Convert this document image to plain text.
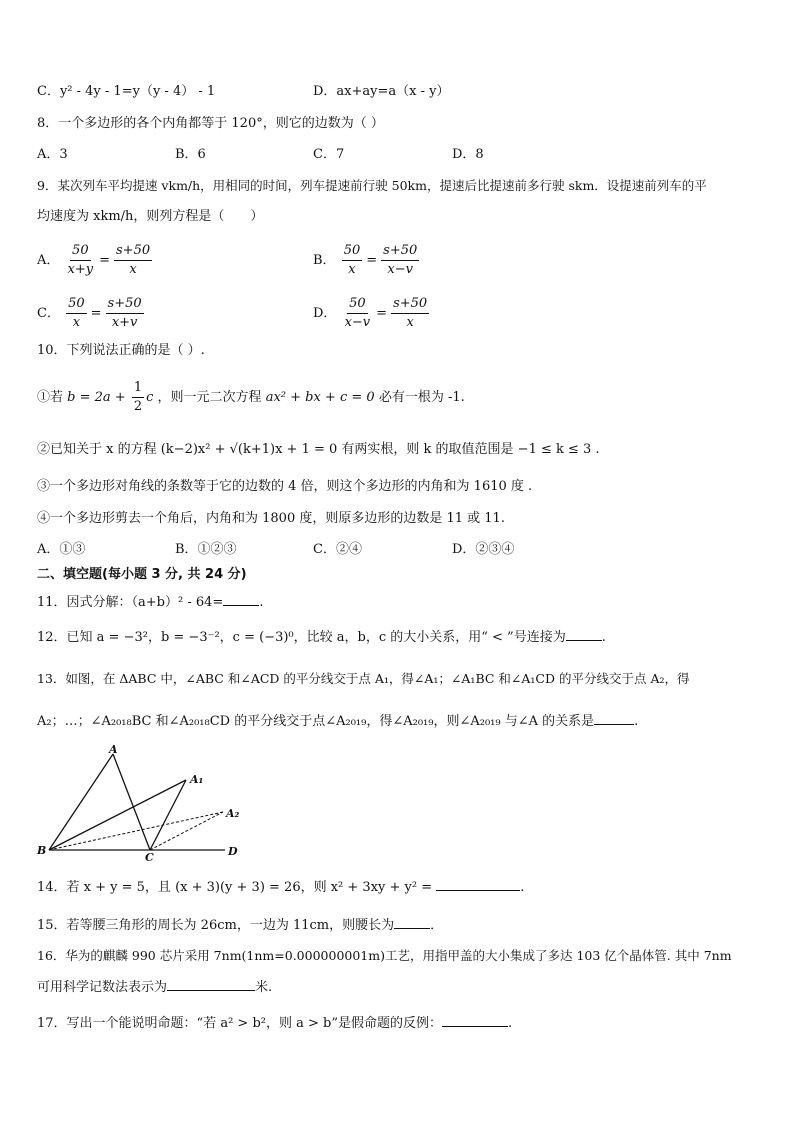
C．y² - 4y - 1=y（y - 4） - 1	D．ax+ay=a（x - y）
8．一个多边形的各个内角都等于 120°，则它的边数为（ ）
A．3	B．6	C．7	D．8
9．某次列车平均提速 vkm/h，用相同的时间，列车提速前行驶 50km，提速后比提速前多行驶 skm．设提速前列车的平
均速度为 xkm/h，则列方程是（　　）
A． $\frac{50}{x+y} = \frac{s+50}{x}$	B． $\frac{50}{x} = \frac{s+50}{x-v}$
C． $\frac{50}{x} = \frac{s+50}{x+v}$	D． $\frac{50}{x-v} = \frac{s+50}{x}$
10．下列说法正确的是（ ）.
①若 $b = 2a + \frac{1}{2}$ c ，则一元二次方程 ax² + bx + c = 0 必有一根为 -1.
②已知关于 x 的方程 (k−2)x² + √(k+1)x + 1 = 0 有两实根，则 k 的取值范围是 −1 ≤ k ≤ 3 .
③一个多边形对角线的条数等于它的边数的 4 倍，则这个多边形的内角和为 1610 度 .
④一个多边形剪去一个角后，内角和为 1800 度，则原多边形的边数是 11 或 11.
A．①③	B．①②③	C．②④	D．②③④
二、填空题(每小题 3 分, 共 24 分)
11．因式分解：（a+b）² - 64=	.
12．已知 a = −3²，b = −3⁻²，c = (−3)⁰，比较 a，b，c 的大小关系，用“ < ”号连接为	.
13．如图，在 ΔABC 中，∠ABC 和∠ACD 的平分线交于点 A₁，得∠A₁；∠A₁BC 和∠A₁CD 的平分线交于点 A₂，得
A₂；…；∠A₂₀₁₈BC 和∠A₂₀₁₈CD 的平分线交于点∠A₂₀₁₉，得∠A₂₀₁₉，则∠A₂₀₁₉ 与∠A 的关系是	.
A
A₁
A₂
B
C	D
14．若 x + y = 5，且 (x + 3)(y + 3) = 26，则 x² + 3xy + y² =	.
15．若等腰三角形的周长为 26cm，一边为 11cm，则腰长为	．
16．华为的麒麟 990 芯片采用 7nm(1nm=0.000000001m)工艺，用指甲盖的大小集成了多达 103 亿个晶体管. 其中 7nm
可用科学记数法表示为	米.
17．写出一个能说明命题：“若 a² > b²，则 a > b”是假命题的反例：	.
